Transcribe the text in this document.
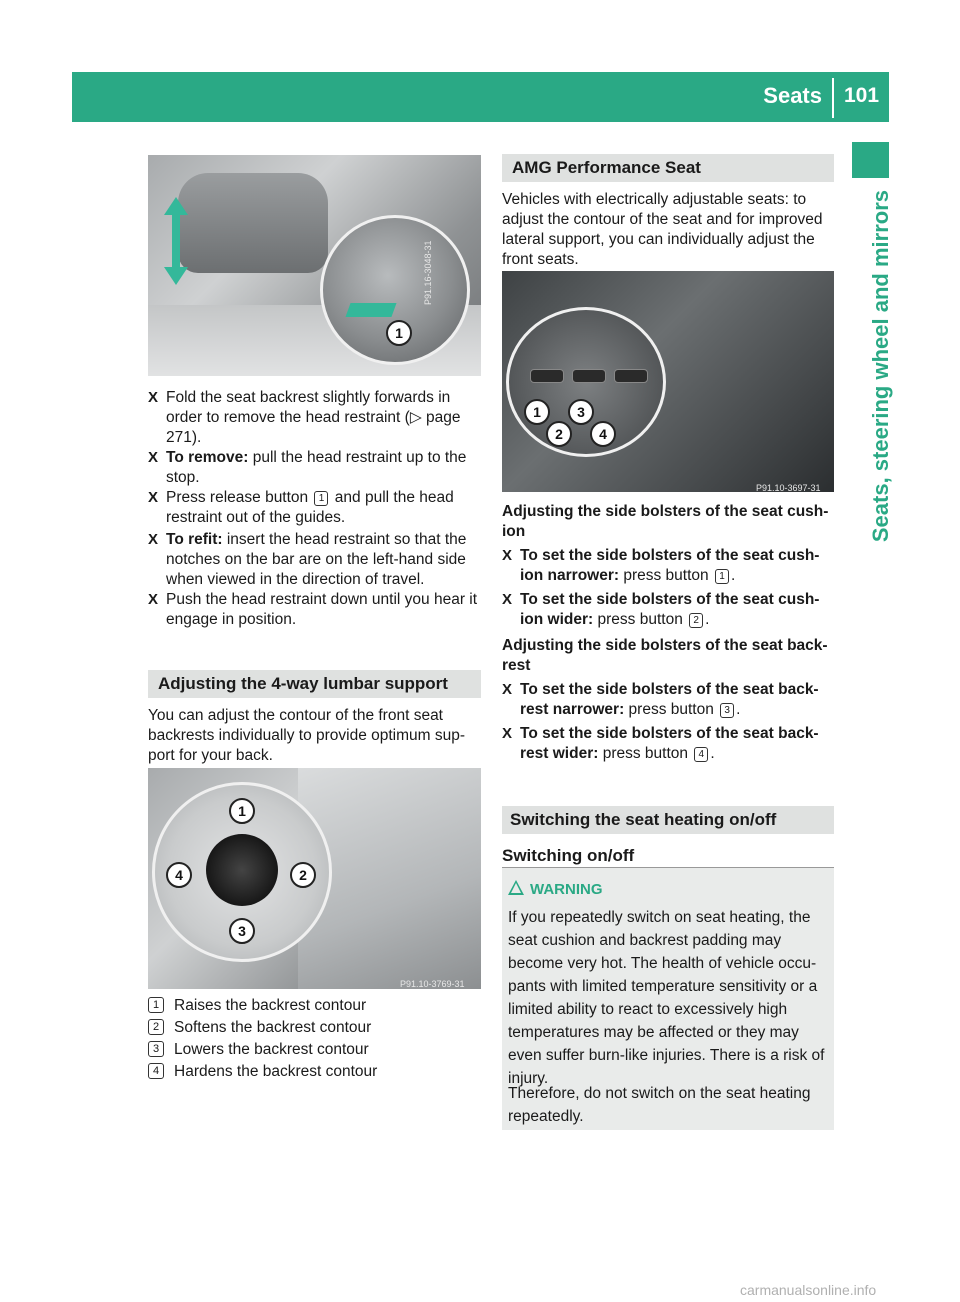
Seats 101
Seats, steering wheel and mirrors
1
P91.16-3048-31
X Fold the seat backrest slightly forwards in order to remove the head restraint (▷ page 271).
X To remove: pull the head restraint up to the stop.
X Press release button 1 and pull the head restraint out of the guides.
X To refit: insert the head restraint so that the notches on the bar are on the left-hand side when viewed in the direction of travel.
X Push the head restraint down until you hear it engage in position.
Adjusting the 4-way lumbar support
You can adjust the contour of the front seat backrests individually to provide optimum sup-port for your back.
1
2
3
4
P91.10-3769-31
1 Raises the backrest contour
2 Softens the backrest contour
3 Lowers the backrest contour
4 Hardens the backrest contour
AMG Performance Seat
Vehicles with electrically adjustable seats: to adjust the contour of the seat and for improved lateral support, you can individually adjust the front seats.
1
2
3
4
P91.10-3697-31
Adjusting the side bolsters of the seat cush-ion
X To set the side bolsters of the seat cush-ion narrower: press button 1 .
X To set the side bolsters of the seat cush-ion wider: press button 2 .
Adjusting the side bolsters of the seat back-rest
X To set the side bolsters of the seat back-rest narrower: press button 3 .
X To set the side bolsters of the seat back-rest wider: press button 4 .
Switching the seat heating on/off
Switching on/off
WARNING
If you repeatedly switch on seat heating, the seat cushion and backrest padding may become very hot. The health of vehicle occu-pants with limited temperature sensitivity or a limited ability to react to excessively high temperatures may be affected or they may even suffer burn-like injuries. There is a risk of injury.
Therefore, do not switch on the seat heating repeatedly.
carmanualsonline.info
